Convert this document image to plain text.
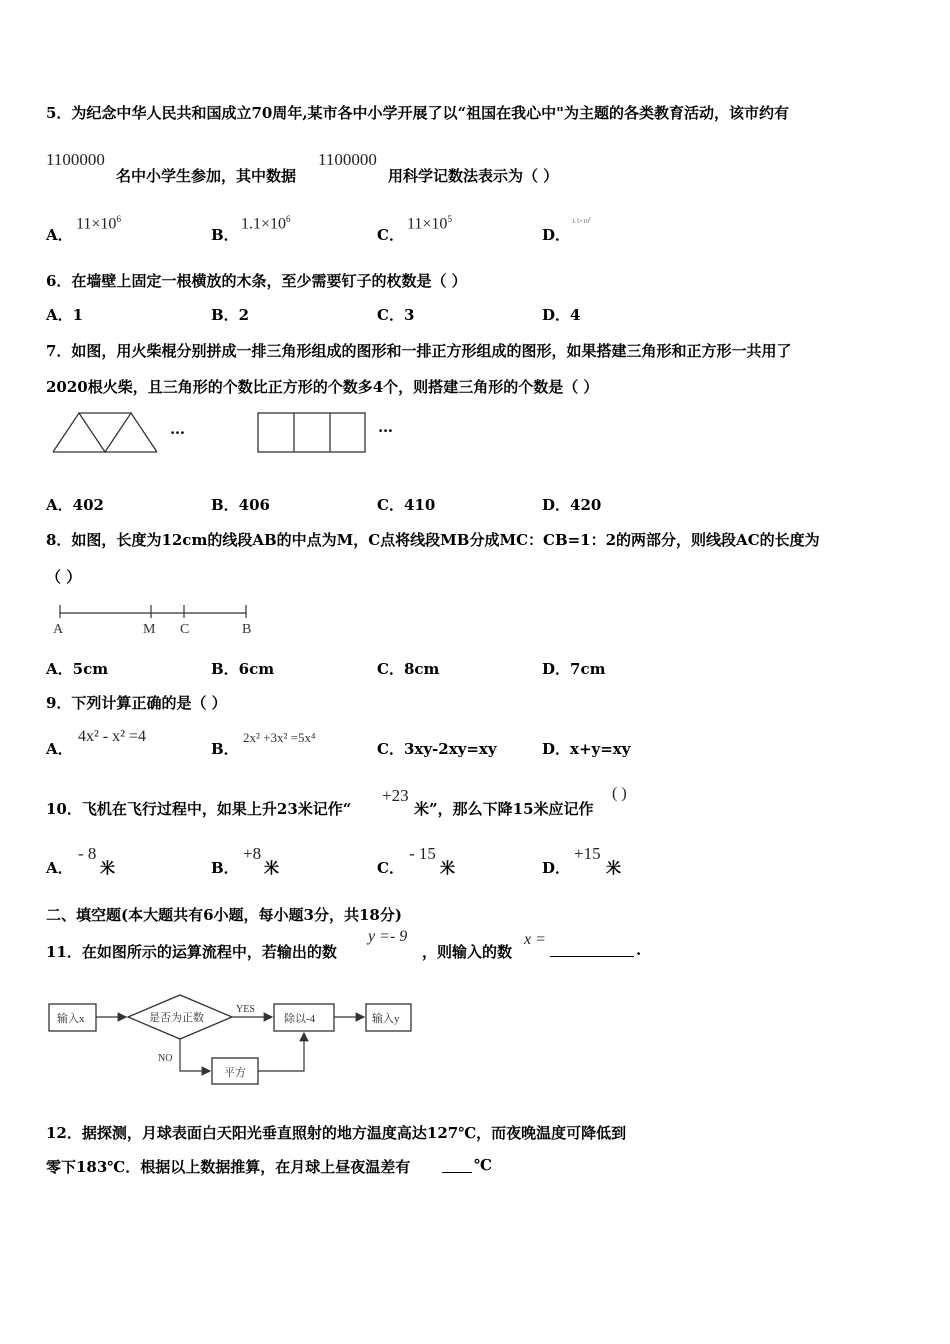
5．为纪念中华人民共和国成立70周年,某市各中小学开展了以“祖国在我心中"为主题的各类教育活动，该市约有
1100000
名中小学生参加，其中数据
1100000
用科学记数法表示为（ ）
A．
$11\times 10^6$
B．
$1.1\times 10^6$
C．
$11\times 10^5$
D．
$1.1\times 10^5$
6．在墙壁上固定一根横放的木条，至少需要钉子的枚数是（ ）
A．1	B．2	C．3	D．4
7．如图，用火柴棍分别拼成一排三角形组成的图形和一排正方形组成的图形，如果搭建三角形和正方形一共用了
2020根火柴，且三角形的个数比正方形的个数多4个，则搭建三角形的个数是（ ）
…	…
A．402	B．406	C．410	D．420
8．如图，长度为12cm的线段AB的中点为M，C点将线段MB分成MC：CB=1：2的两部分，则线段AC的长度为
（ ）
A	M C	B
A．5cm	B．6cm	C．8cm	D．7cm
9．下列计算正确的是（ ）
A．
4x² - x² =4
B．
2x² +3x² =5x⁴
C．3xy-2xy=xy	D．x+y=xy
10．飞机在飞行过程中，如果上升23米记作“
+23
米”，那么下降15米应记作
( )
A．
- 8
米	B．
+8
米	C．
- 15
米	D．
+15
米
二、填空题(本大题共有6小题，每小题3分，共18分)
11．在如图所示的运算流程中，若输出的数
y =- 9
，则输入的数
x =
.
输入x	是否为正数
YES
除以-4	输入y
NO
平方
12．据探测，月球表面白天阳光垂直照射的地方温度高达127℃，而夜晚温度可降低到
零下183℃．根据以上数据推算，在月球上昼夜温差有	℃
